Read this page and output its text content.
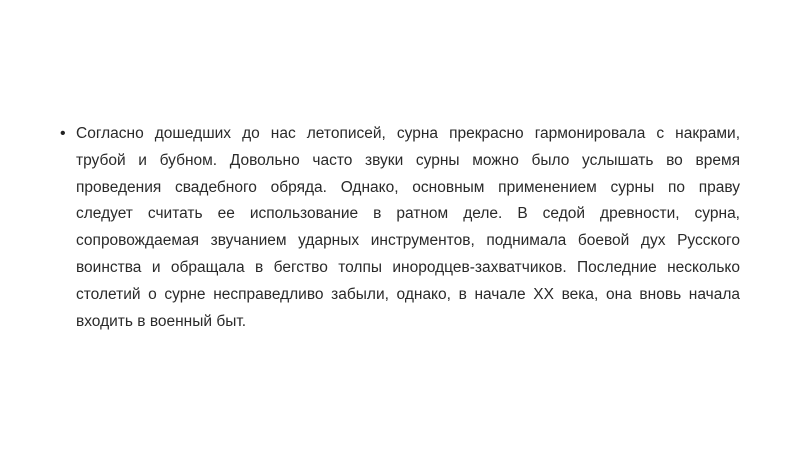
• Согласно дошедших до нас летописей, сурна прекрасно гармонировала с накрами,
трубой и бубном. Довольно часто звуки сурны можно было услышать во время
проведения свадебного обряда. Однако, основным применением сурны по праву
следует считать ее использование в ратном деле. В седой древности, сурна,
сопровождаемая звучанием ударных инструментов, поднимала боевой дух Русского
воинства и обращала в бегство толпы инородцев-захватчиков. Последние несколько
столетий о сурне несправедливо забыли, однако, в начале XX века, она вновь начала
входить в военный быт.
